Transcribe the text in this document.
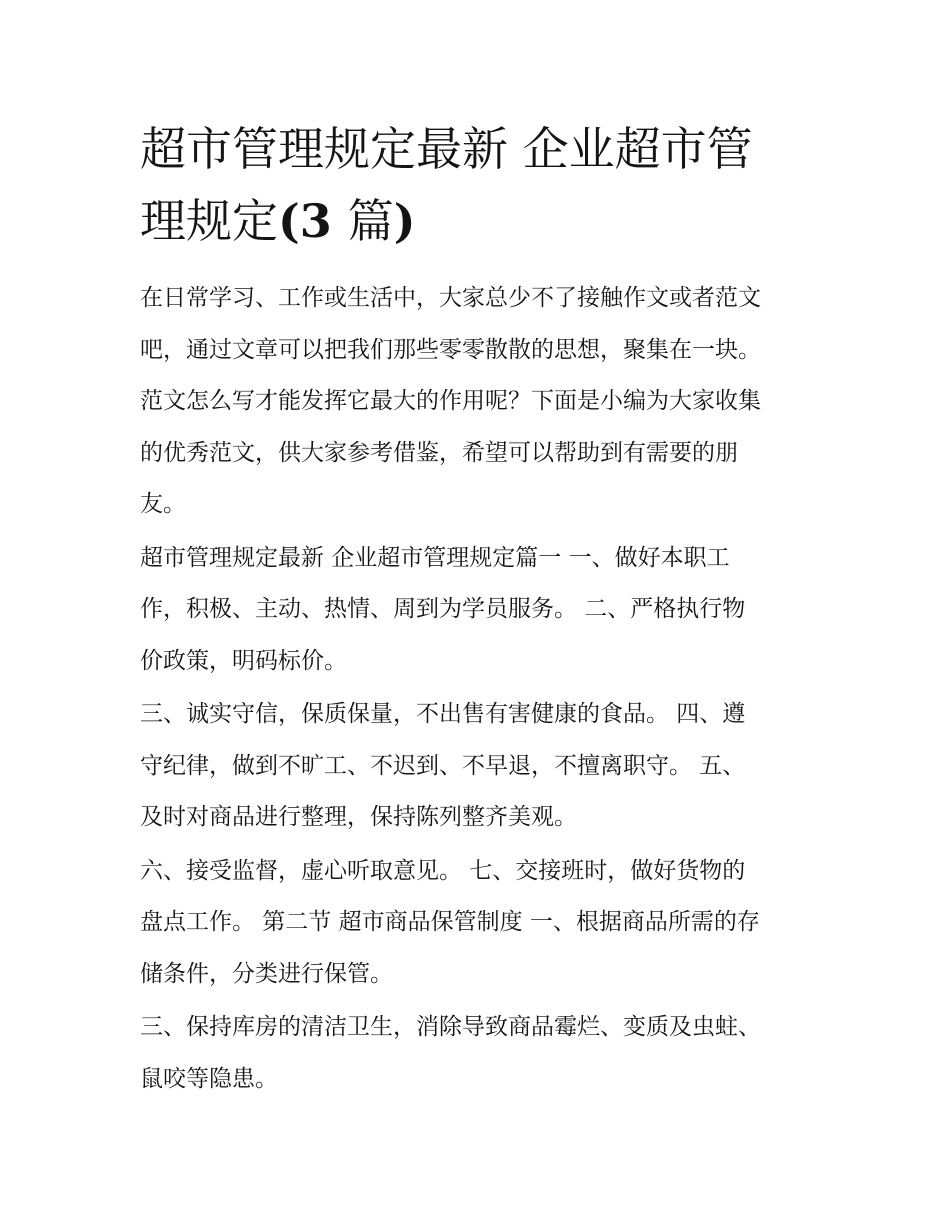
超市管理规定最新 企业超市管
理规定(3 篇)
在日常学习、工作或生活中，大家总少不了接触作文或者范文
吧，通过文章可以把我们那些零零散散的思想，聚集在一块。
范文怎么写才能发挥它最大的作用呢？下面是小编为大家收集
的优秀范文，供大家参考借鉴，希望可以帮助到有需要的朋
友。
超市管理规定最新 企业超市管理规定篇一 一、做好本职工
作，积极、主动、热情、周到为学员服务。 二、严格执行物
价政策，明码标价。
三、诚实守信，保质保量，不出售有害健康的食品。 四、遵
守纪律，做到不旷工、不迟到、不早退，不擅离职守。 五、
及时对商品进行整理，保持陈列整齐美观。
六、接受监督，虚心听取意见。 七、交接班时，做好货物的
盘点工作。 第二节 超市商品保管制度 一、根据商品所需的存
储条件，分类进行保管。
三、保持库房的清洁卫生，消除导致商品霉烂、变质及虫蛀、
鼠咬等隐患。
